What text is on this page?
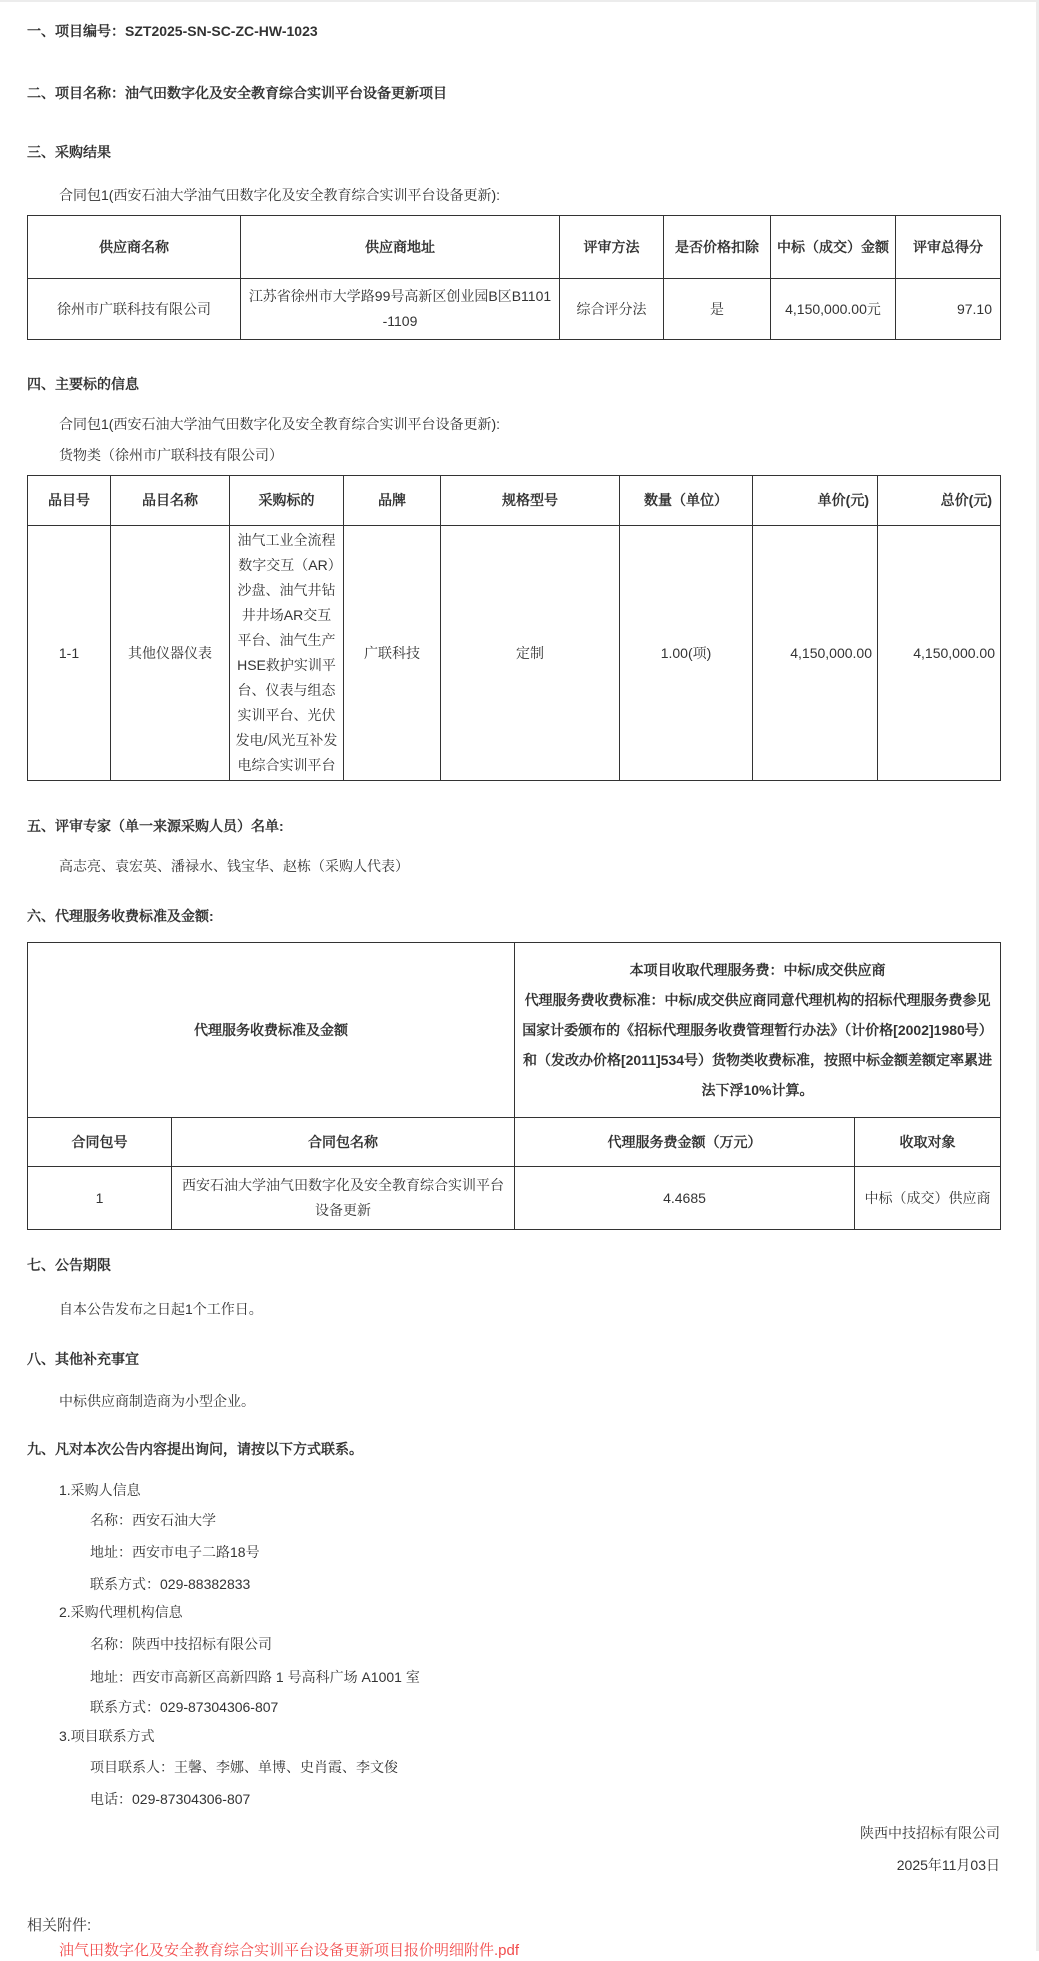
一、项目编号：SZT2025-SN-SC-ZC-HW-1023
二、项目名称：油气田数字化及安全教育综合实训平台设备更新项目
三、采购结果
合同包1(西安石油大学油气田数字化及安全教育综合实训平台设备更新):
供应商名称	供应商地址	评审方法	是否价格扣除	中标（成交）金额	评审总得分
徐州市广联科技有限公司	江苏省徐州市大学路99号高新区创业园B区B1101-1109	综合评分法	是	4,150,000.00元	97.10
四、主要标的信息
合同包1(西安石油大学油气田数字化及安全教育综合实训平台设备更新):
货物类（徐州市广联科技有限公司）
品目号	品目名称	采购标的	品牌	规格型号	数量（单位）	单价(元)	总价(元)
1-1	其他仪器仪表	油气工业全流程数字交互（AR）沙盘、油气井钻井井场AR交互平台、油气生产HSE救护实训平台、仪表与组态实训平台、光伏发电/风光互补发电综合实训平台	广联科技	定制	1.00(项)	4,150,000.00	4,150,000.00
五、评审专家（单一来源采购人员）名单:
高志亮、袁宏英、潘禄水、钱宝华、赵栋（采购人代表）
六、代理服务收费标准及金额:
代理服务收费标准及金额		本项目收取代理服务费：中标/成交供应商

代理服务费收费标准：中标/成交供应商同意代理机构的招标代理服务费参见国家计委颁布的《招标代理服务收费管理暂行办法》（计价格[2002]1980号）和（发改办价格[2011]534号）货物类收费标准，按照中标金额差额定率累进法下浮10%计算。	

合同包号	合同包名称	代理服务费金额（万元）	收取对象
1	西安石油大学油气田数字化及安全教育综合实训平台设备更新	4.4685	中标（成交）供应商
七、公告期限
自本公告发布之日起1个工作日。
八、其他补充事宜
中标供应商制造商为小型企业。
九、凡对本次公告内容提出询问，请按以下方式联系。
1.采购人信息
名称：西安石油大学
地址：西安市电子二路18号
联系方式：029-88382833
2.采购代理机构信息
名称：陕西中技招标有限公司
地址：西安市高新区高新四路 1 号高科广场 A1001 室
联系方式：029-87304306-807
3.项目联系方式
项目联系人：王馨、李娜、单博、史肖霞、李文俊
电话：029-87304306-807
陕西中技招标有限公司
2025年11月03日
相关附件:
油气田数字化及安全教育综合实训平台设备更新项目报价明细附件.pdf
